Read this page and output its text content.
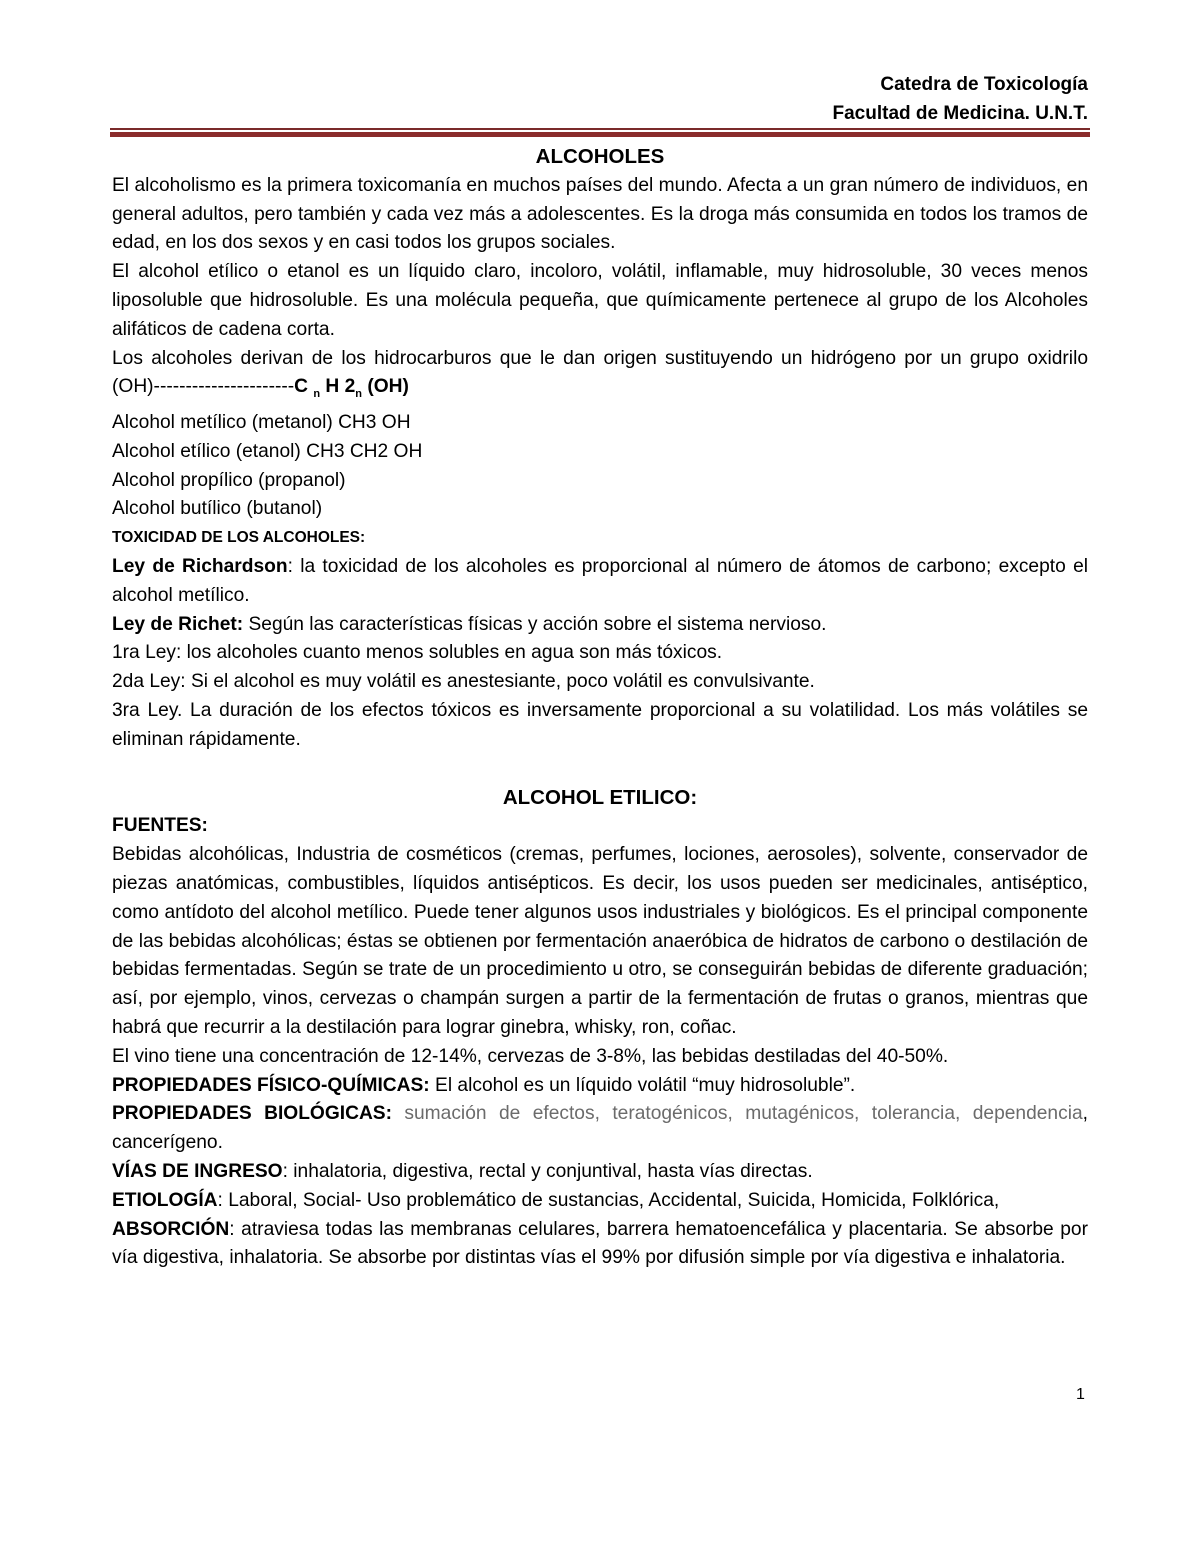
Catedra de Toxicología
Facultad de Medicina. U.N.T.

ALCOHOLES

El alcoholismo es la primera toxicomanía en muchos países del mundo. Afecta a un gran número de individuos, en general adultos, pero también y cada vez más a adolescentes. Es la droga más consumida en todos los tramos de edad, en los dos sexos y en casi todos los grupos sociales.

El alcohol etílico o etanol es un líquido claro, incoloro, volátil, inflamable, muy hidrosoluble, 30 veces menos liposoluble que hidrosoluble. Es una molécula pequeña, que químicamente pertenece al grupo de los Alcoholes alifáticos de cadena corta.

Los alcoholes derivan de los hidrocarburos que le dan origen sustituyendo un hidrógeno por un grupo oxidrilo (OH)----------------------C $_n$ H $2_n$ (OH)

Alcohol metílico (metanol) CH3 OH

Alcohol etílico (etanol) CH3 CH2 OH

Alcohol propílico (propanol)

Alcohol butílico (butanol)

TOXICIDAD DE LOS ALCOHOLES:

Ley de Richardson: la toxicidad de los alcoholes es proporcional al número de átomos de carbono; excepto el alcohol metílico.

Ley de Richet: Según las características físicas y acción sobre el sistema nervioso.

1ra Ley: los alcoholes cuanto menos solubles en agua son más tóxicos.

2da Ley: Si el alcohol es muy volátil es anestesiante, poco volátil es convulsivante.

3ra Ley. La duración de los efectos tóxicos es inversamente proporcional a su volatilidad. Los más volátiles se eliminan rápidamente.

ALCOHOL ETILICO:

FUENTES:

Bebidas alcohólicas, Industria de cosméticos (cremas, perfumes, lociones, aerosoles), solvente, conservador de piezas anatómicas, combustibles, líquidos antisépticos. Es decir, los usos pueden ser medicinales, antiséptico, como antídoto del alcohol metílico. Puede tener algunos usos industriales y biológicos. Es el principal componente de las bebidas alcohólicas; éstas se obtienen por fermentación anaeróbica de hidratos de carbono o destilación de bebidas fermentadas. Según se trate de un procedimiento u otro, se conseguirán bebidas de diferente graduación; así, por ejemplo, vinos, cervezas o champán surgen a partir de la fermentación de frutas o granos, mientras que habrá que recurrir a la destilación para lograr ginebra, whisky, ron, coñac.

El vino tiene una concentración de 12-14%, cervezas de 3-8%, las bebidas destiladas del 40-50%.

PROPIEDADES FÍSICO-QUÍMICAS: El alcohol es un líquido volátil “muy hidrosoluble”.

PROPIEDADES BIOLÓGICAS: sumación de efectos, teratogénicos, mutagénicos, tolerancia, dependencia, cancerígeno.

VÍAS DE INGRESO: inhalatoria, digestiva, rectal y conjuntival, hasta vías directas.

ETIOLOGÍA: Laboral, Social- Uso problemático de sustancias, Accidental, Suicida, Homicida, Folklórica,

ABSORCIÓN: atraviesa todas las membranas celulares, barrera hematoencefálica y placentaria. Se absorbe por vía digestiva, inhalatoria. Se absorbe por distintas vías el 99% por difusión simple por vía digestiva e inhalatoria.

1
